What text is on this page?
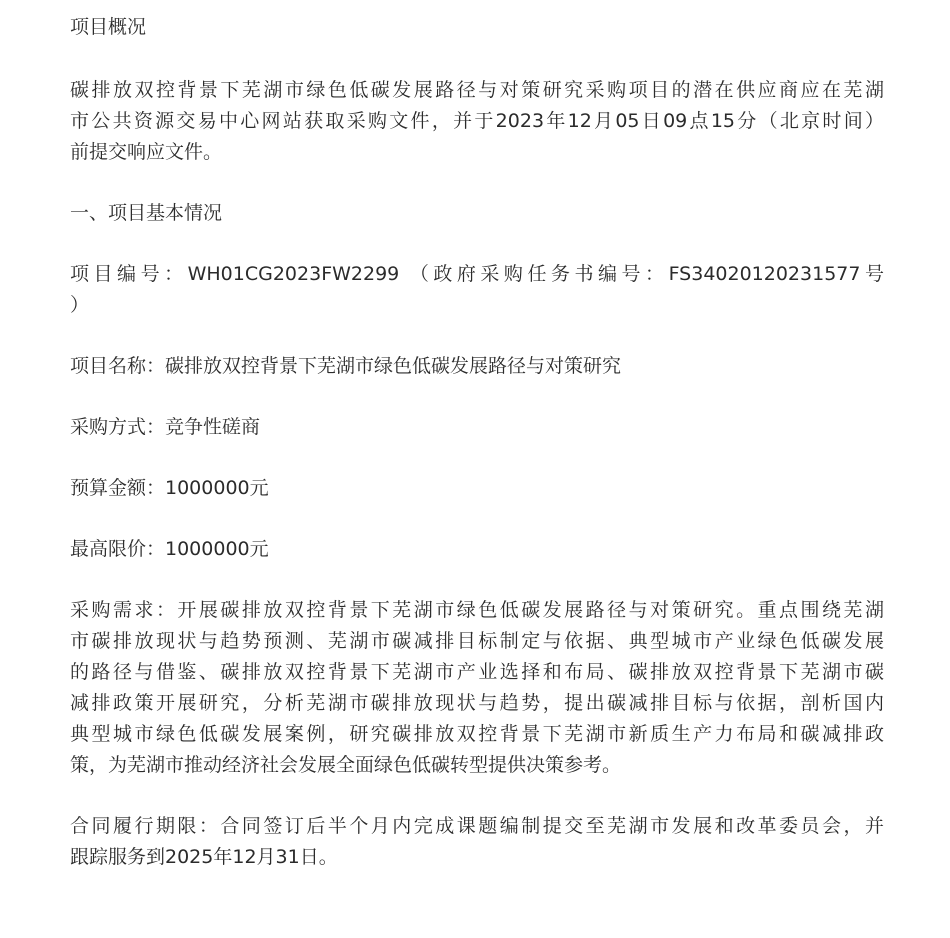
项目概况
碳排放双控背景下芜湖市绿色低碳发展路径与对策研究采购项目的潜在供应商应在芜湖
市公共资源交易中心网站获取采购文件，并于2023年12月05日09点15分（北京时间）
前提交响应文件。
一、项目基本情况
项目编号：WH01CG2023FW2299 （政府采购任务书编号：FS34020120231577号
）
项目名称：碳排放双控背景下芜湖市绿色低碳发展路径与对策研究
采购方式：竞争性磋商
预算金额：1000000元
最高限价：1000000元
采购需求：开展碳排放双控背景下芜湖市绿色低碳发展路径与对策研究。重点围绕芜湖
市碳排放现状与趋势预测、芜湖市碳减排目标制定与依据、典型城市产业绿色低碳发展
的路径与借鉴、碳排放双控背景下芜湖市产业选择和布局、碳排放双控背景下芜湖市碳
减排政策开展研究，分析芜湖市碳排放现状与趋势，提出碳减排目标与依据，剖析国内
典型城市绿色低碳发展案例，研究碳排放双控背景下芜湖市新质生产力布局和碳减排政
策，为芜湖市推动经济社会发展全面绿色低碳转型提供决策参考。
合同履行期限：合同签订后半个月内完成课题编制提交至芜湖市发展和改革委员会，并
跟踪服务到2025年12月31日。
